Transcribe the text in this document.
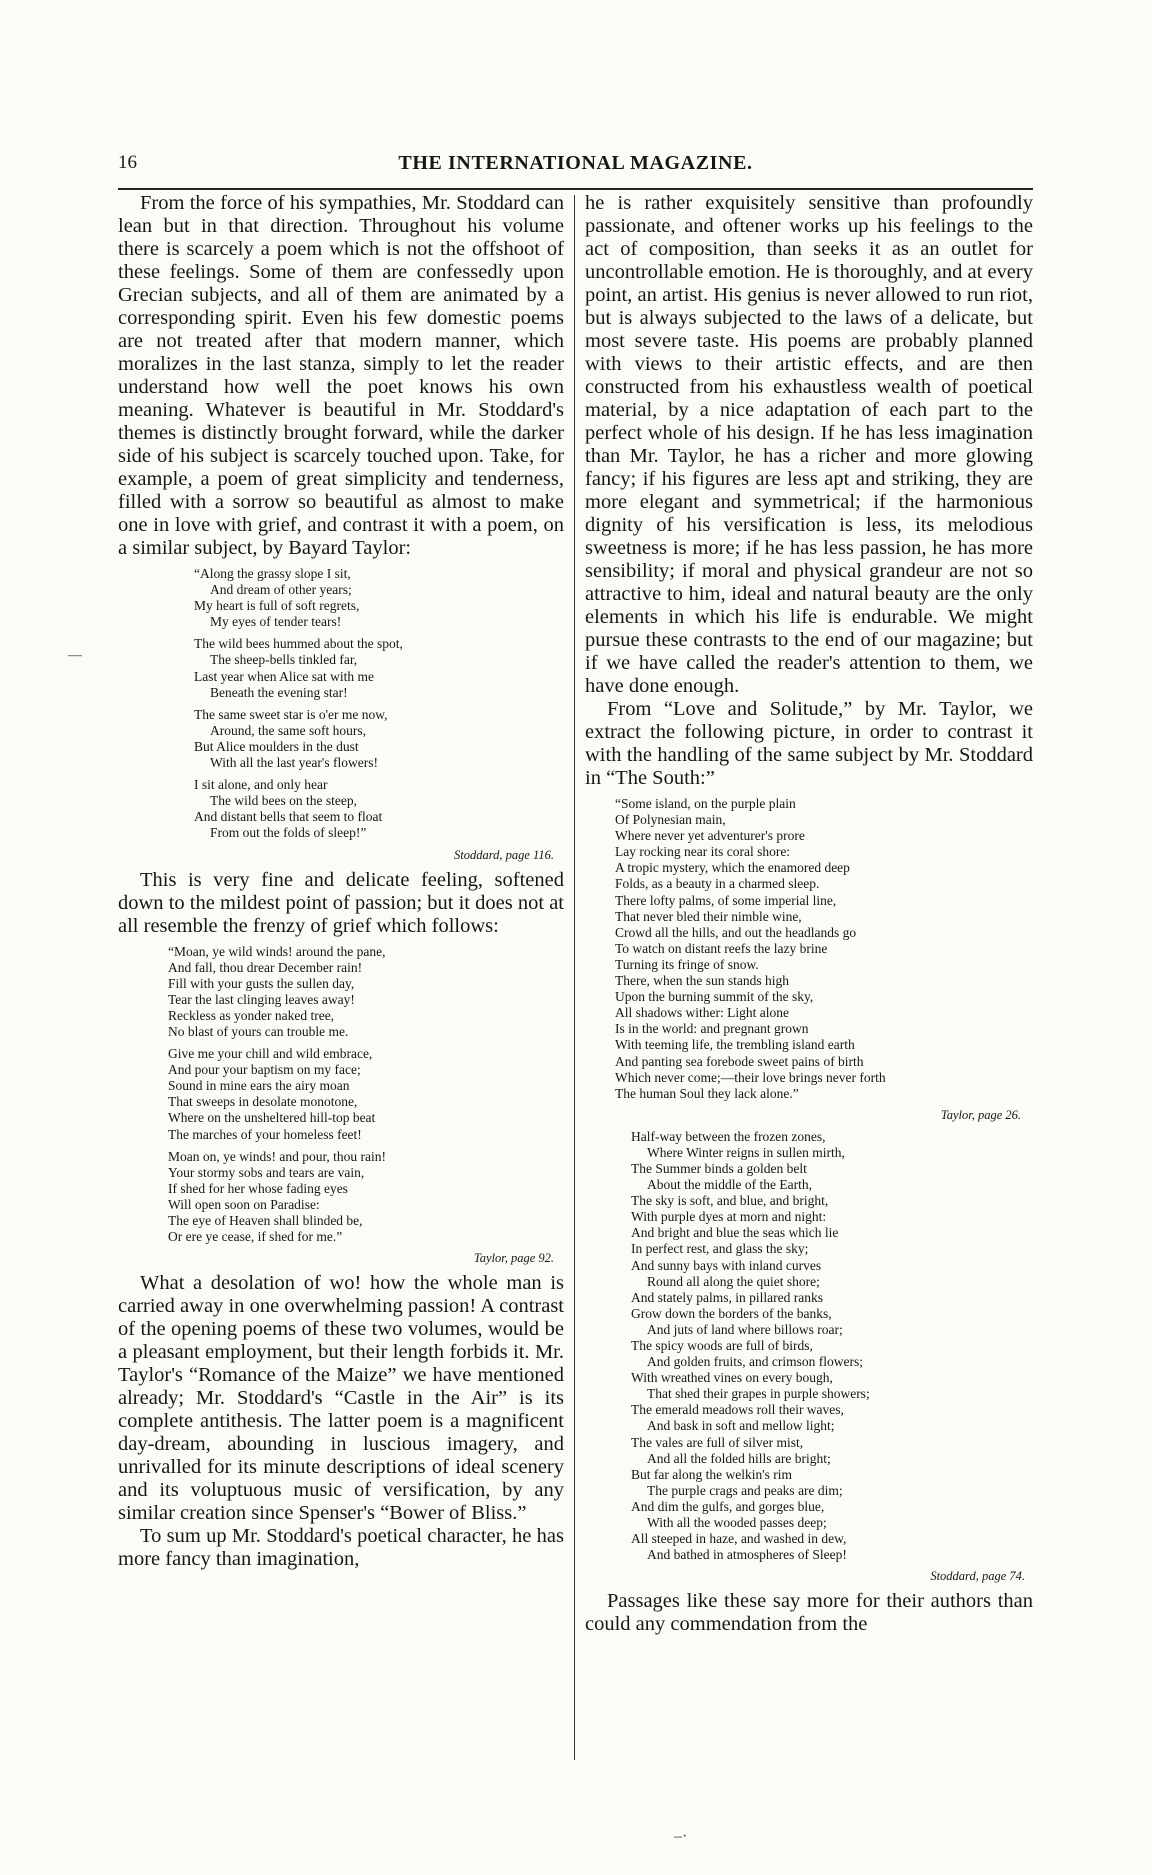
16	THE INTERNATIONAL MAGAZINE.
—

From the force of his sympathies, Mr. Stoddard can lean but in that direction. Throughout his volume there is scarcely a poem which is not the offshoot of these feelings. Some of them are confessedly upon Grecian subjects, and all of them are animated by a corresponding spirit. Even his few domestic poems are not treated after that modern manner, which moralizes in the last stanza, simply to let the reader understand how well the poet knows his own meaning. Whatever is beautiful in Mr. Stoddard's themes is distinctly brought forward, while the darker side of his subject is scarcely touched upon. Take, for example, a poem of great simplicity and tenderness, filled with a sorrow so beautiful as almost to make one in love with grief, and contrast it with a poem, on a similar subject, by Bayard Taylor:

“Along the grassy slope I sit,
And dream of other years;
My heart is full of soft regrets,
My eyes of tender tears!
The wild bees hummed about the spot,
The sheep-bells tinkled far,
Last year when Alice sat with me
Beneath the evening star!
The same sweet star is o'er me now,
Around, the same soft hours,
But Alice moulders in the dust
With all the last year's flowers!
I sit alone, and only hear
The wild bees on the steep,
And distant bells that seem to float
From out the folds of sleep!”
Stoddard, page 116.

This is very fine and delicate feeling, softened down to the mildest point of passion; but it does not at all resemble the frenzy of grief which follows:

“Moan, ye wild winds! around the pane,
And fall, thou drear December rain!
Fill with your gusts the sullen day,
Tear the last clinging leaves away!
Reckless as yonder naked tree,
No blast of yours can trouble me.
Give me your chill and wild embrace,
And pour your baptism on my face;
Sound in mine ears the airy moan
That sweeps in desolate monotone,
Where on the unsheltered hill-top beat
The marches of your homeless feet!
Moan on, ye winds! and pour, thou rain!
Your stormy sobs and tears are vain,
If shed for her whose fading eyes
Will open soon on Paradise:
The eye of Heaven shall blinded be,
Or ere ye cease, if shed for me.”
Taylor, page 92.

What a desolation of wo! how the whole man is carried away in one overwhelming passion! A contrast of the opening poems of these two volumes, would be a pleasant employment, but their length forbids it. Mr. Taylor's “Romance of the Maize” we have mentioned already; Mr. Stoddard's “Castle in the Air” is its complete antithesis. The latter poem is a magnificent day-dream, abounding in luscious imagery, and unrivalled for its minute descriptions of ideal scenery and its voluptuous music of versification, by any similar creation since Spenser's “Bower of Bliss.”

To sum up Mr. Stoddard's poetical character, he has more fancy than imagination,

he is rather exquisitely sensitive than profoundly passionate, and oftener works up his feelings to the act of composition, than seeks it as an outlet for uncontrollable emotion. He is thoroughly, and at every point, an artist. His genius is never allowed to run riot, but is always subjected to the laws of a delicate, but most severe taste. His poems are probably planned with views to their artistic effects, and are then constructed from his exhaustless wealth of poetical material, by a nice adaptation of each part to the perfect whole of his design. If he has less imagination than Mr. Taylor, he has a richer and more glowing fancy; if his figures are less apt and striking, they are more elegant and symmetrical; if the harmonious dignity of his versification is less, its melodious sweetness is more; if he has less passion, he has more sensibility; if moral and physical grandeur are not so attractive to him, ideal and natural beauty are the only elements in which his life is endurable. We might pursue these contrasts to the end of our magazine; but if we have called the reader's attention to them, we have done enough.

From “Love and Solitude,” by Mr. Taylor, we extract the following picture, in order to contrast it with the handling of the same subject by Mr. Stoddard in “The South:”

“Some island, on the purple plain
Of Polynesian main,
Where never yet adventurer's prore
Lay rocking near its coral shore:
A tropic mystery, which the enamored deep
Folds, as a beauty in a charmed sleep.
There lofty palms, of some imperial line,
That never bled their nimble wine,
Crowd all the hills, and out the headlands go
To watch on distant reefs the lazy brine
Turning its fringe of snow.
There, when the sun stands high
Upon the burning summit of the sky,
All shadows wither: Light alone
Is in the world: and pregnant grown
With teeming life, the trembling island earth
And panting sea forebode sweet pains of birth
Which never come;—their love brings never forth
The human Soul they lack alone.”
Taylor, page 26.
Half-way between the frozen zones,
Where Winter reigns in sullen mirth,
The Summer binds a golden belt
About the middle of the Earth,
The sky is soft, and blue, and bright,
With purple dyes at morn and night:
And bright and blue the seas which lie
In perfect rest, and glass the sky;
And sunny bays with inland curves
Round all along the quiet shore;
And stately palms, in pillared ranks
Grow down the borders of the banks,
And juts of land where billows roar;
The spicy woods are full of birds,
And golden fruits, and crimson flowers;
With wreathed vines on every bough,
That shed their grapes in purple showers;
The emerald meadows roll their waves,
And bask in soft and mellow light;
The vales are full of silver mist,
And all the folded hills are bright;
But far along the welkin's rim
The purple crags and peaks are dim;
And dim the gulfs, and gorges blue,
With all the wooded passes deep;
All steeped in haze, and washed in dew,
And bathed in atmospheres of Sleep!
Stoddard, page 74.

Passages like these say more for their authors than could any commendation from the

‒·
